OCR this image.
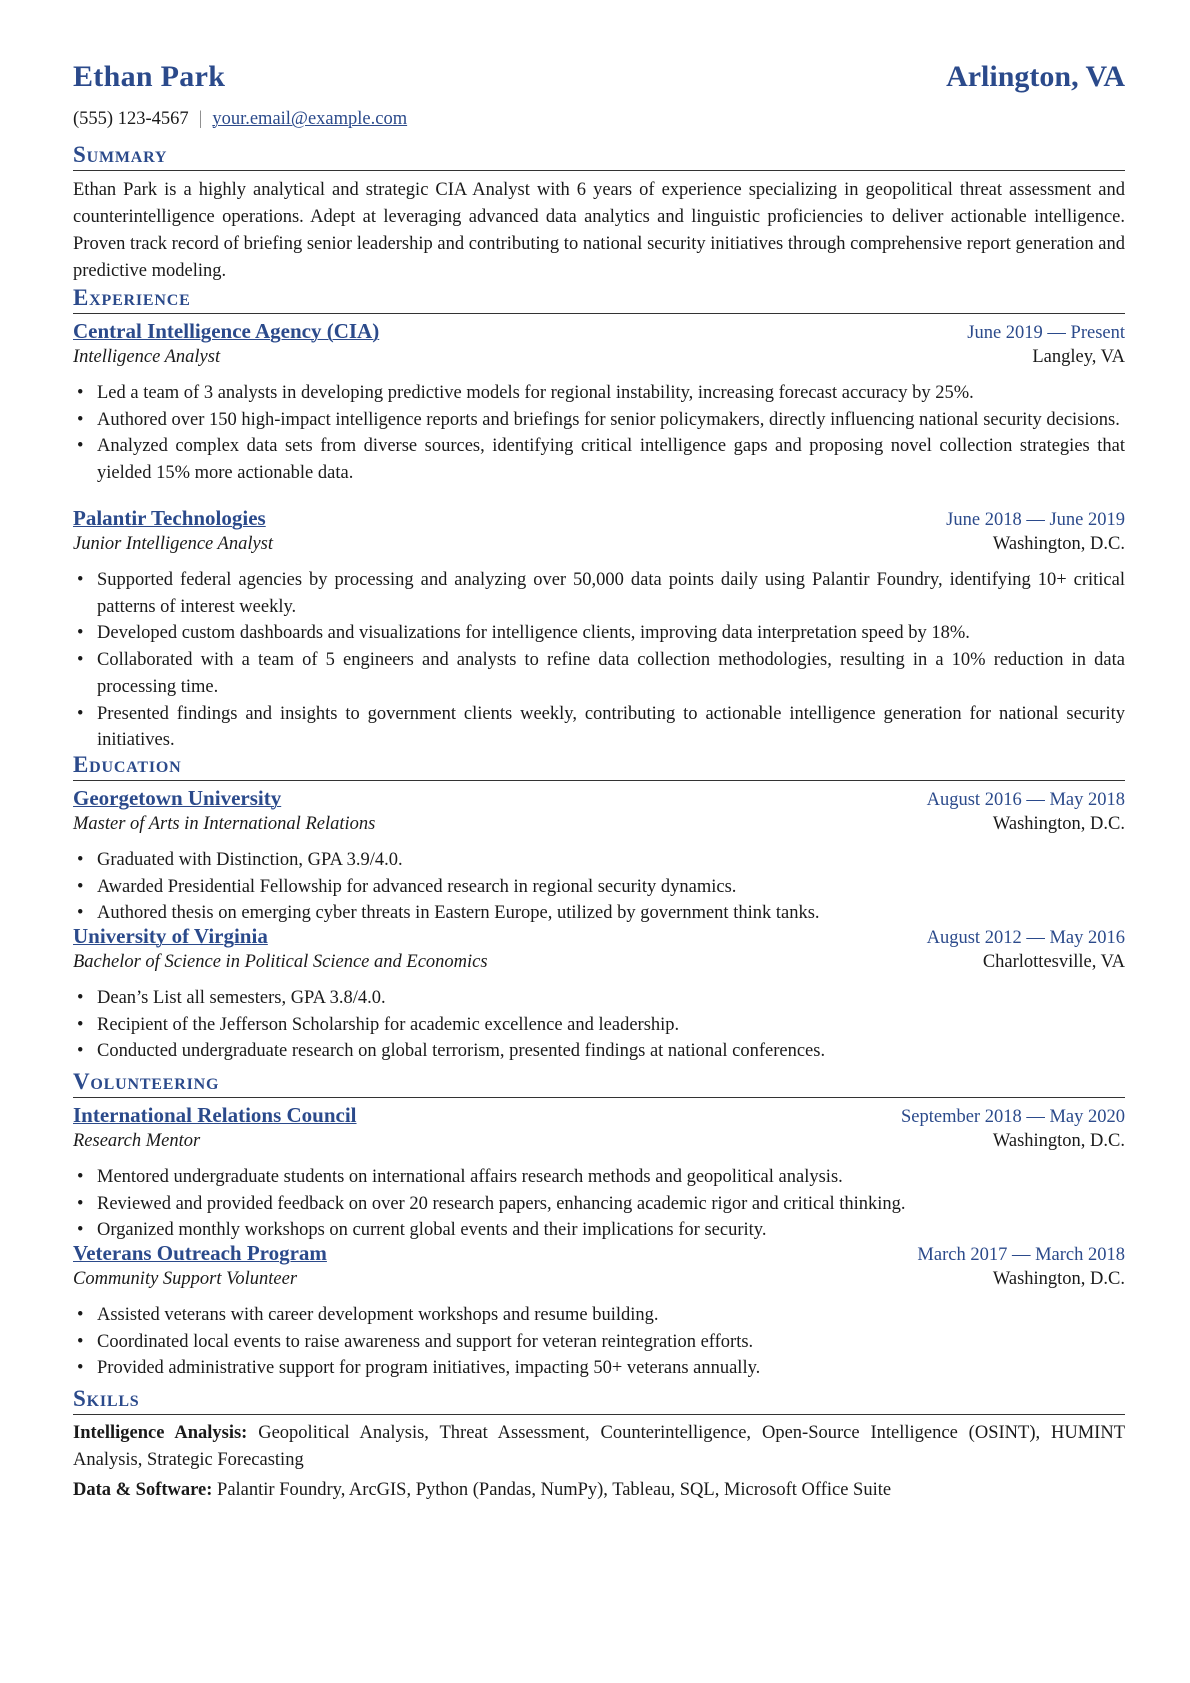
Ethan Park	Arlington, VA
(555) 123-4567 | your.email@example.com
Summary
Ethan Park is a highly analytical and strategic CIA Analyst with 6 years of experience specializing in geopolitical threat assessment and counterintelligence operations. Adept at leveraging advanced data analytics and linguistic proficiencies to deliver actionable intelligence. Proven track record of briefing senior leadership and contributing to national security initiatives through comprehensive report generation and predictive modeling.
Experience
Central Intelligence Agency (CIA)	June 2019 — Present
Intelligence Analyst	Langley, VA
• Led a team of 3 analysts in developing predictive models for regional instability, increasing forecast accuracy by 25%.
• Authored over 150 high-impact intelligence reports and briefings for senior policymakers, directly influencing national security decisions.
• Analyzed complex data sets from diverse sources, identifying critical intelligence gaps and proposing novel collection strategies that yielded 15% more actionable data.
Palantir Technologies	June 2018 — June 2019
Junior Intelligence Analyst	Washington, D.C.
• Supported federal agencies by processing and analyzing over 50,000 data points daily using Palantir Foundry, identifying 10+ critical patterns of interest weekly.
• Developed custom dashboards and visualizations for intelligence clients, improving data interpretation speed by 18%.
• Collaborated with a team of 5 engineers and analysts to refine data collection methodologies, resulting in a 10% reduction in data processing time.
• Presented findings and insights to government clients weekly, contributing to actionable intelligence generation for national security initiatives.
Education
Georgetown University	August 2016 — May 2018
Master of Arts in International Relations	Washington, D.C.
• Graduated with Distinction, GPA 3.9/4.0.
• Awarded Presidential Fellowship for advanced research in regional security dynamics.
• Authored thesis on emerging cyber threats in Eastern Europe, utilized by government think tanks.
University of Virginia	August 2012 — May 2016
Bachelor of Science in Political Science and Economics	Charlottesville, VA
• Dean’s List all semesters, GPA 3.8/4.0.
• Recipient of the Jefferson Scholarship for academic excellence and leadership.
• Conducted undergraduate research on global terrorism, presented findings at national conferences.
Volunteering
International Relations Council	September 2018 — May 2020
Research Mentor	Washington, D.C.
• Mentored undergraduate students on international affairs research methods and geopolitical analysis.
• Reviewed and provided feedback on over 20 research papers, enhancing academic rigor and critical thinking.
• Organized monthly workshops on current global events and their implications for security.
Veterans Outreach Program	March 2017 — March 2018
Community Support Volunteer	Washington, D.C.
• Assisted veterans with career development workshops and resume building.
• Coordinated local events to raise awareness and support for veteran reintegration efforts.
• Provided administrative support for program initiatives, impacting 50+ veterans annually.
Skills
Intelligence Analysis: Geopolitical Analysis, Threat Assessment, Counterintelligence, Open-Source Intelligence (OSINT), HUMINT Analysis, Strategic Forecasting
Data & Software: Palantir Foundry, ArcGIS, Python (Pandas, NumPy), Tableau, SQL, Microsoft Office Suite
